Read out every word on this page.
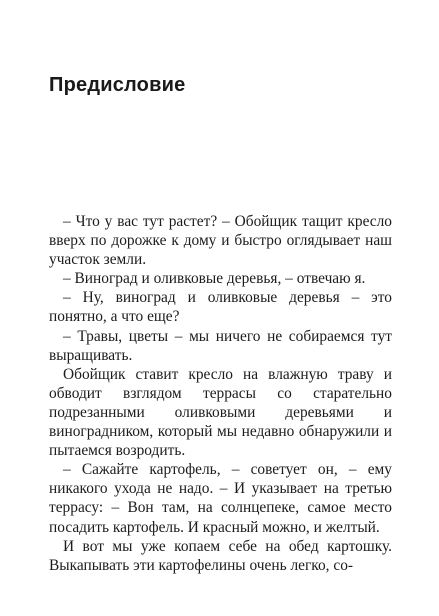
Предисловие

– Что у вас тут растет? – Обойщик тащит кресло вверх по дорожке к дому и быстро оглядывает наш участок земли.

– Виноград и оливковые деревья, – отвечаю я.

– Ну, виноград и оливковые деревья – это понятно, а что еще?

– Травы, цветы – мы ничего не собираемся тут выращивать.

Обойщик ставит кресло на влажную траву и обводит взглядом террасы со старательно подрезанными оливковыми деревьями и виноградником, который мы недавно обнаружили и пытаемся возродить.

– Сажайте картофель, – советует он, – ему никакого ухода не надо. – И указывает на третью террасу: – Вон там, на солнцепеке, самое место посадить картофель. И красный можно, и желтый.

И вот мы уже копаем себе на обед картошку. Выкапывать эти картофелины очень легко, со-
